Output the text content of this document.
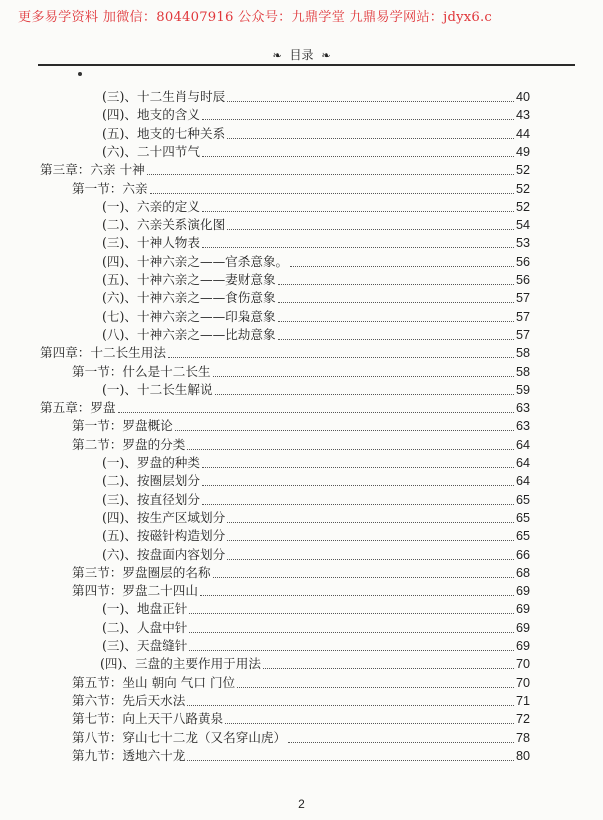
更多易学资料 加微信：804407916 公众号：九鼎学堂 九鼎易学网站：jdyx6.c
❧ 目录 ❧
(三)、十二生肖与时辰	40
(四)、地支的含义	43
(五)、地支的七种关系	44
(六)、二十四节气	49
第三章：六亲 十神	52
第一节：六亲	52
(一)、六亲的定义	52
(二)、六亲关系演化图	54
(三)、十神人物表	53
(四)、十神六亲之——官杀意象。	56
(五)、十神六亲之——妻财意象	56
(六)、十神六亲之——食伤意象	57
(七)、十神六亲之——印枭意象	57
(八)、十神六亲之——比劫意象	57
第四章：十二长生用法	58
第一节：什么是十二长生	58
(一)、十二长生解说	59
第五章：罗盘	63
第一节：罗盘概论	63
第二节：罗盘的分类	64
(一)、罗盘的种类	64
(二)、按圈层划分	64
(三)、按直径划分	65
(四)、按生产区域划分	65
(五)、按磁针构造划分	65
(六)、按盘面内容划分	66
第三节：罗盘圈层的名称	68
第四节：罗盘二十四山	69
(一)、地盘正针	69
(二)、人盘中针	69
(三)、天盘缝针	69
(四)、三盘的主要作用于用法	70
第五节：坐山 朝向 气口 门位	70
第六节：先后天水法	71
第七节：向上天干八路黄泉	72
第八节：穿山七十二龙（又名穿山虎）	78
第九节：透地六十龙	80
2
